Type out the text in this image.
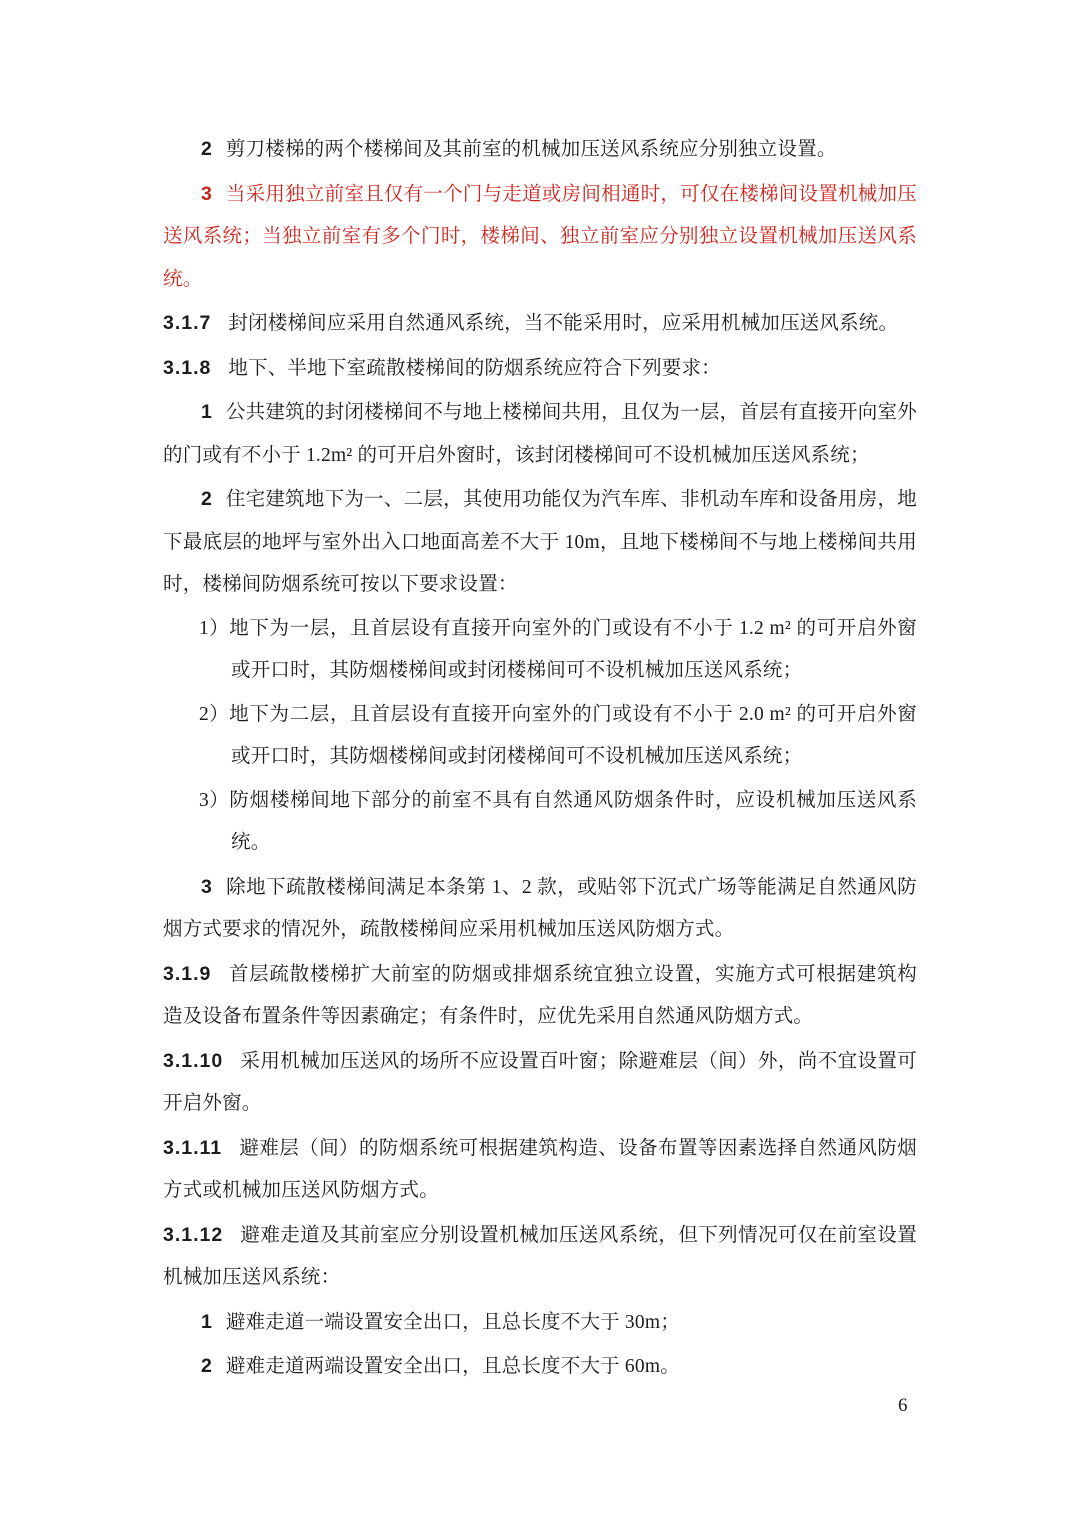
2 剪刀楼梯的两个楼梯间及其前室的机械加压送风系统应分别独立设置。

3 当采用独立前室且仅有一个门与走道或房间相通时，可仅在楼梯间设置机械加压送风系统；当独立前室有多个门时，楼梯间、独立前室应分别独立设置机械加压送风系统。

3.1.7 封闭楼梯间应采用自然通风系统，当不能采用时，应采用机械加压送风系统。

3.1.8 地下、半地下室疏散楼梯间的防烟系统应符合下列要求：

1 公共建筑的封闭楼梯间不与地上楼梯间共用，且仅为一层，首层有直接开向室外的门或有不小于 1.2m² 的可开启外窗时，该封闭楼梯间可不设机械加压送风系统；

2 住宅建筑地下为一、二层，其使用功能仅为汽车库、非机动车库和设备用房，地下最底层的地坪与室外出入口地面高差不大于 10m，且地下楼梯间不与地上楼梯间共用时，楼梯间防烟系统可按以下要求设置：

1）地下为一层，且首层设有直接开向室外的门或设有不小于 1.2 m² 的可开启外窗或开口时，其防烟楼梯间或封闭楼梯间可不设机械加压送风系统；

2）地下为二层，且首层设有直接开向室外的门或设有不小于 2.0 m² 的可开启外窗或开口时，其防烟楼梯间或封闭楼梯间可不设机械加压送风系统；

3）防烟楼梯间地下部分的前室不具有自然通风防烟条件时，应设机械加压送风系统。

3 除地下疏散楼梯间满足本条第 1、2 款，或贴邻下沉式广场等能满足自然通风防烟方式要求的情况外，疏散楼梯间应采用机械加压送风防烟方式。

3.1.9 首层疏散楼梯扩大前室的防烟或排烟系统宜独立设置，实施方式可根据建筑构造及设备布置条件等因素确定；有条件时，应优先采用自然通风防烟方式。

3.1.10 采用机械加压送风的场所不应设置百叶窗；除避难层（间）外，尚不宜设置可开启外窗。

3.1.11 避难层（间）的防烟系统可根据建筑构造、设备布置等因素选择自然通风防烟方式或机械加压送风防烟方式。

3.1.12 避难走道及其前室应分别设置机械加压送风系统，但下列情况可仅在前室设置机械加压送风系统：

1 避难走道一端设置安全出口，且总长度不大于 30m；

2 避难走道两端设置安全出口，且总长度不大于 60m。

6
